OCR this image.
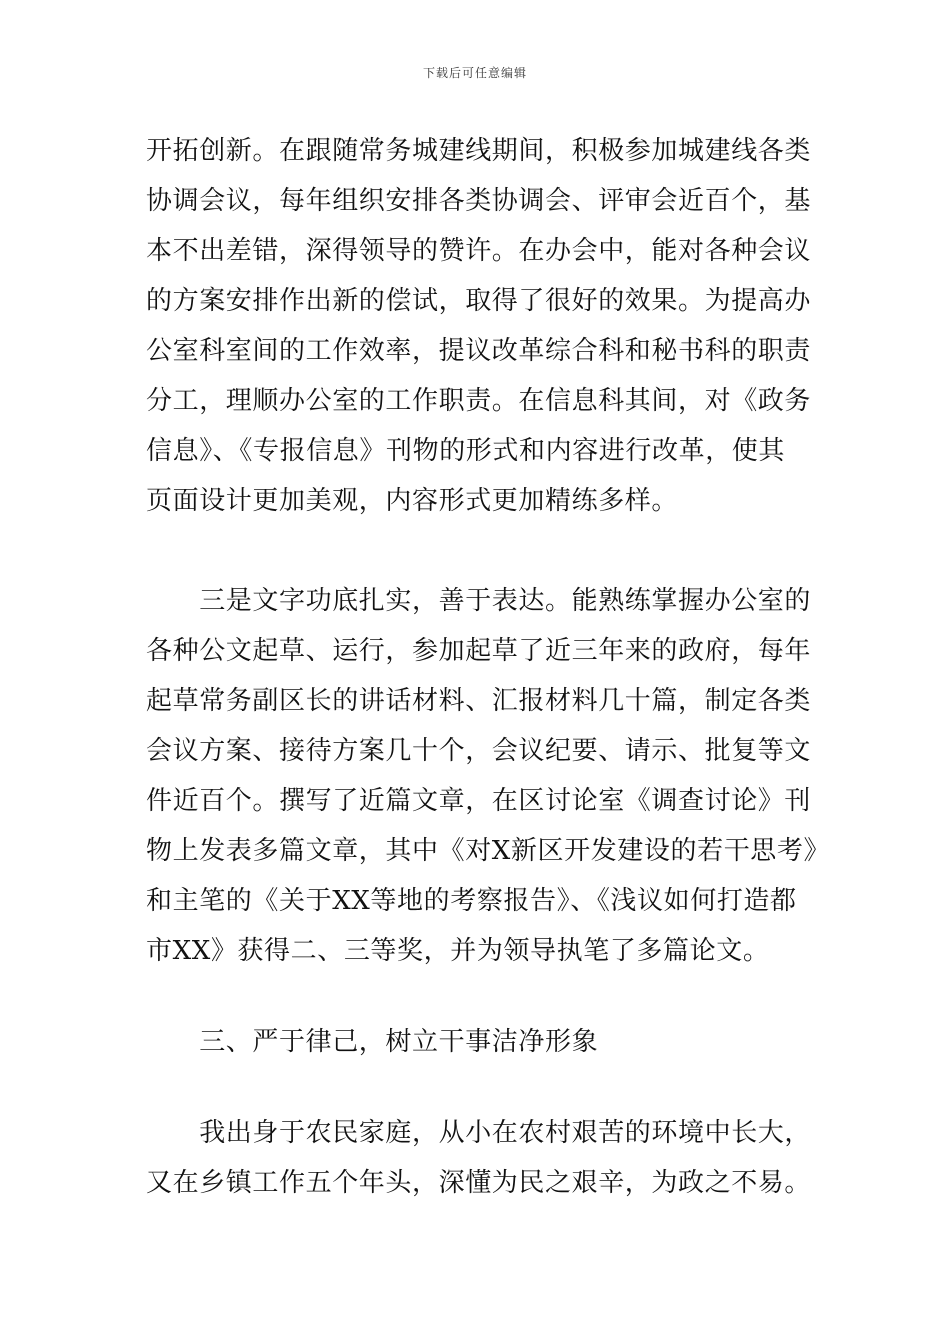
下载后可任意编辑
开拓创新。在跟随常务城建线期间，积极参加城建线各类
协调会议，每年组织安排各类协调会、评审会近百个，基
本不出差错，深得领导的赞许。在办会中，能对各种会议
的方案安排作出新的偿试，取得了很好的效果。为提高办
公室科室间的工作效率，提议改革综合科和秘书科的职责
分工，理顺办公室的工作职责。在信息科其间，对《政务
信息》、《专报信息》刊物的形式和内容进行改革，使其
页面设计更加美观，内容形式更加精练多样。
　　三是文字功底扎实，善于表达。能熟练掌握办公室的
各种公文起草、运行，参加起草了近三年来的政府，每年
起草常务副区长的讲话材料、汇报材料几十篇，制定各类
会议方案、接待方案几十个，会议纪要、请示、批复等文
件近百个。撰写了近篇文章，在区讨论室《调查讨论》刊
物上发表多篇文章，其中《对X新区开发建设的若干思考》
和主笔的《关于XX等地的考察报告》、《浅议如何打造都
市XX》获得二、三等奖，并为领导执笔了多篇论文。
　　三、严于律己，树立干事洁净形象
　　我出身于农民家庭，从小在农村艰苦的环境中长大，
又在乡镇工作五个年头，深懂为民之艰辛，为政之不易。
